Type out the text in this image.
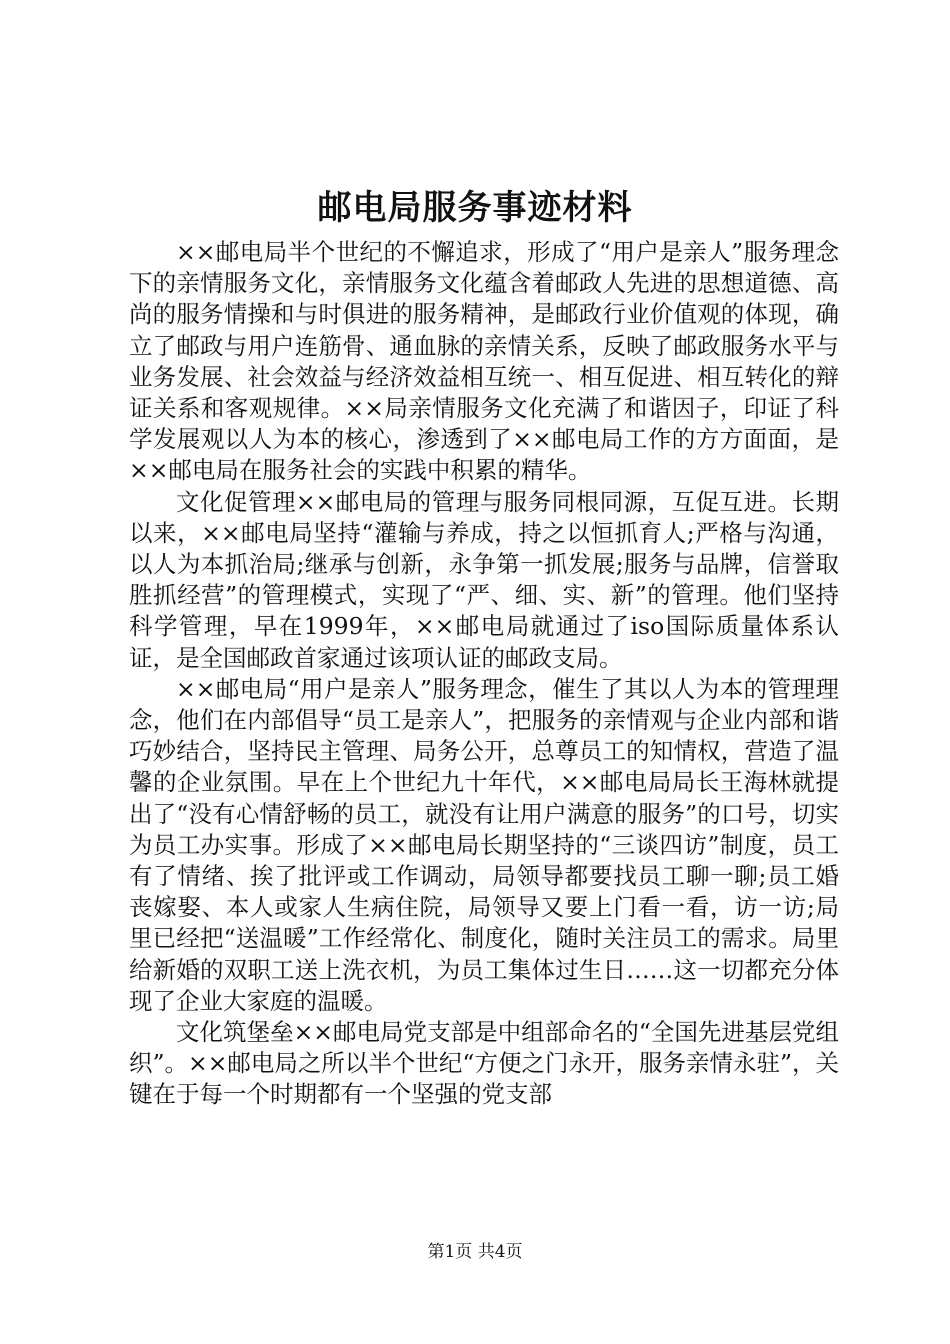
邮电局服务事迹材料

××邮电局半个世纪的不懈追求，形成了“用户是亲人”服务理念下的亲情服务文化，亲情服务文化蕴含着邮政人先进的思想道德、高尚的服务情操和与时俱进的服务精神，是邮政行业价值观的体现，确立了邮政与用户连筋骨、通血脉的亲情关系，反映了邮政服务水平与业务发展、社会效益与经济效益相互统一、相互促进、相互转化的辩证关系和客观规律。××局亲情服务文化充满了和谐因子，印证了科学发展观以人为本的核心，渗透到了××邮电局工作的方方面面，是××邮电局在服务社会的实践中积累的精华。

文化促管理××邮电局的管理与服务同根同源，互促互进。长期以来，××邮电局坚持“灌输与养成，持之以恒抓育人;严格与沟通，以人为本抓治局;继承与创新，永争第一抓发展;服务与品牌，信誉取胜抓经营”的管理模式，实现了“严、细、实、新”的管理。他们坚持科学管理，早在1999年，××邮电局就通过了iso国际质量体系认证，是全国邮政首家通过该项认证的邮政支局。

××邮电局“用户是亲人”服务理念，催生了其以人为本的管理理念，他们在内部倡导“员工是亲人”，把服务的亲情观与企业内部和谐巧妙结合，坚持民主管理、局务公开，总尊员工的知情权，营造了温馨的企业氛围。早在上个世纪九十年代，××邮电局局长王海林就提出了“没有心情舒畅的员工，就没有让用户满意的服务”的口号，切实为员工办实事。形成了××邮电局长期坚持的“三谈四访”制度，员工有了情绪、挨了批评或工作调动，局领导都要找员工聊一聊;员工婚丧嫁娶、本人或家人生病住院，局领导又要上门看一看，访一访;局里已经把“送温暖”工作经常化、制度化，随时关注员工的需求。局里给新婚的双职工送上洗衣机，为员工集体过生日……这一切都充分体现了企业大家庭的温暖。

文化筑堡垒××邮电局党支部是中组部命名的“全国先进基层党组织”。××邮电局之所以半个世纪“方便之门永开，服务亲情永驻”，关键在于每一个时期都有一个坚强的党支部

第1页 共4页
